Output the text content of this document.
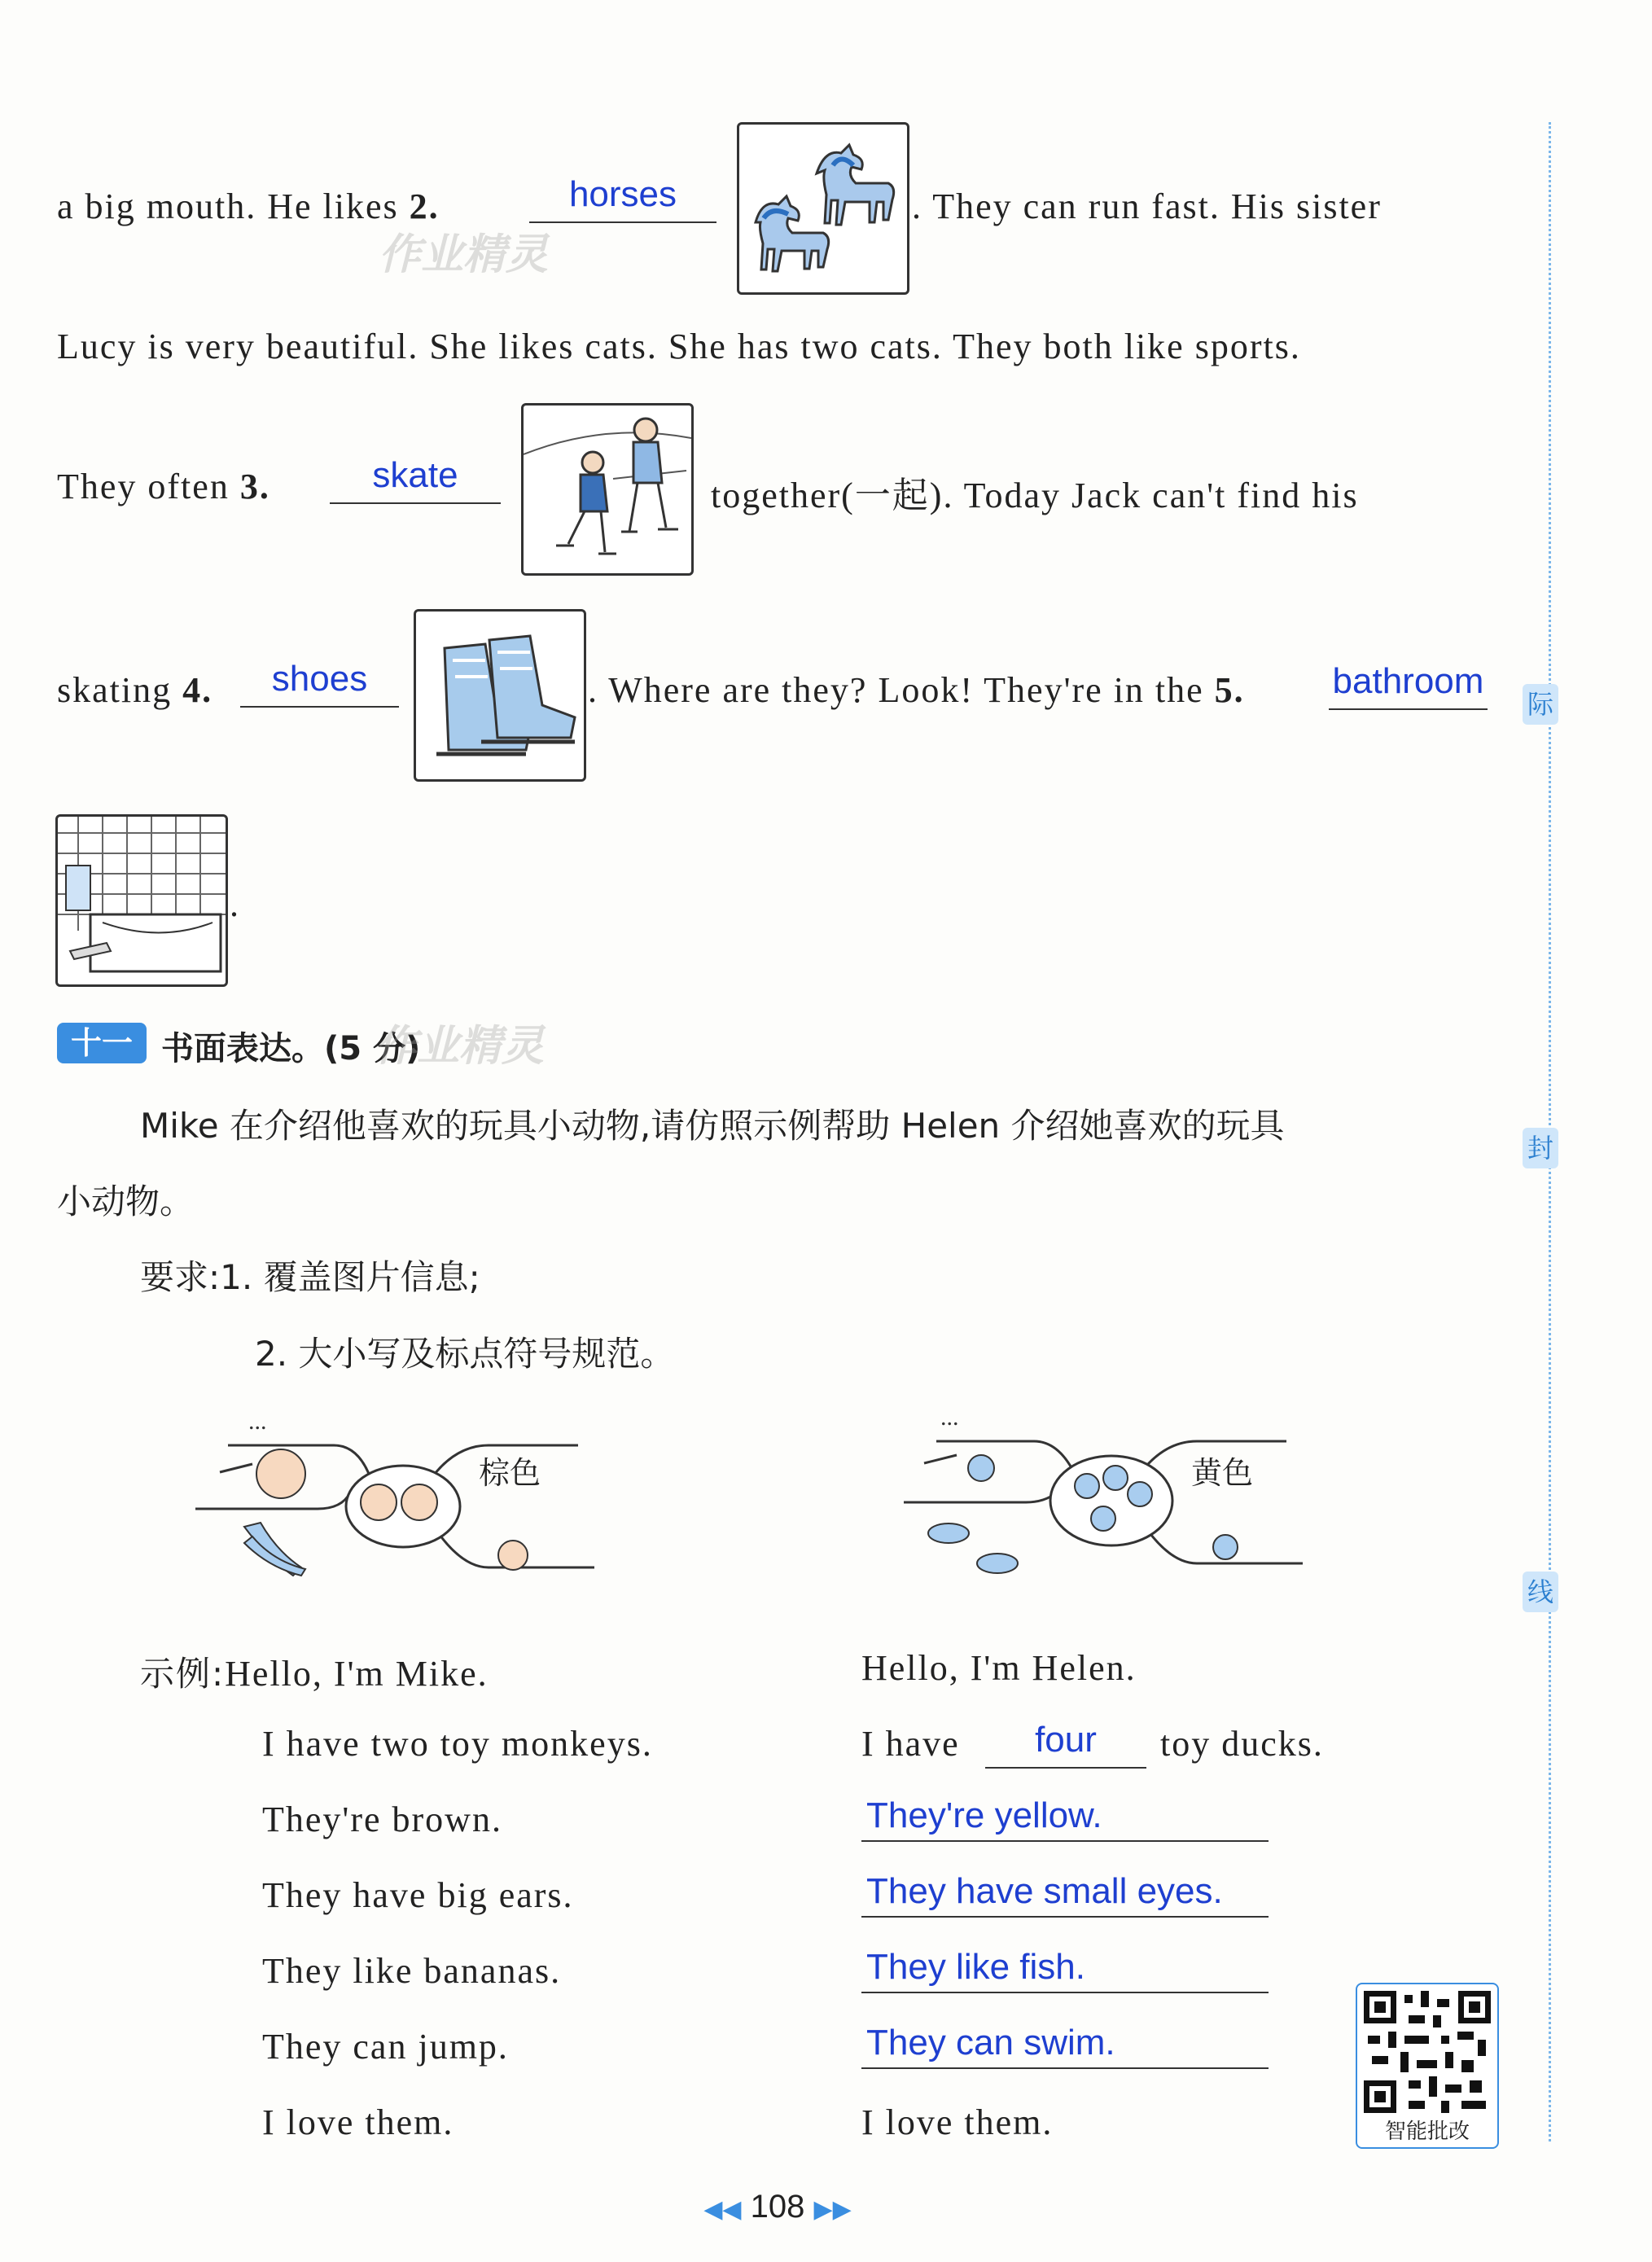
际
封
线
a big mouth. He likes 2.	horses
作业精灵
. They can run fast. His sister
Lucy is very beautiful. She likes cats. She has two cats. They both like sports.
They often 3.	skate
together(一起). Today Jack can't find his
skating 4.	shoes	. Where are they? Look! They're in the 5. bathroom
.
十一 书面表达。(5 分)
作业精灵
Mike 在介绍他喜欢的玩具小动物,请仿照示例帮助 Helen 介绍她喜欢的玩具
小动物。
要求:1. 覆盖图片信息;
2. 大小写及标点符号规范。
...
棕色
...
黄色
示例:Hello, I'm Mike.
I have two toy monkeys.
They're brown.
They have big ears.
They like bananas.
They can jump.
I love them.
Hello, I'm Helen.
I have	four	toy ducks.
They're yellow.
They have small eyes.
They like fish.
They can swim.
I love them.	智能批改
◀◀ 108 ▶▶
